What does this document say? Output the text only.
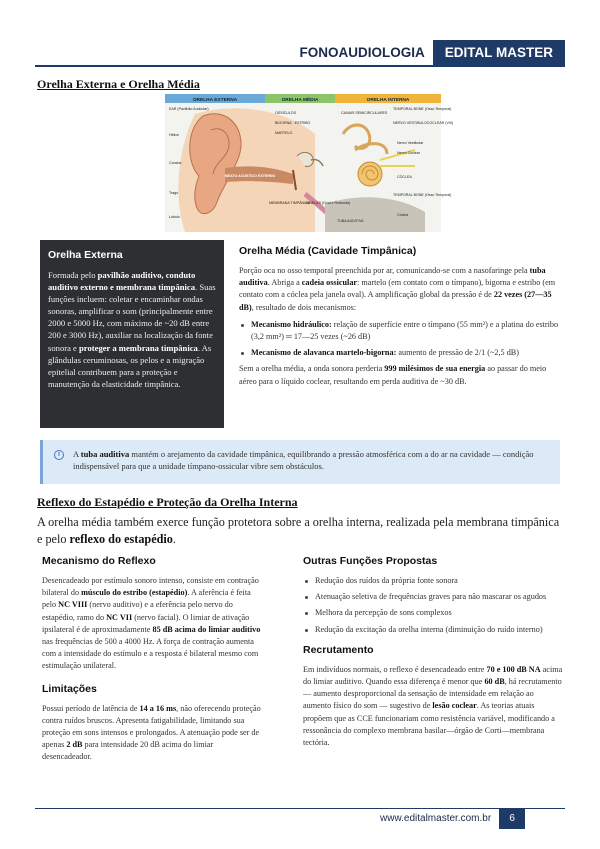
FONOAUDIOLOGIA	EDITAL MASTER
Orelha Externa e Orelha Média
ORELHA EXTERNA	ORELHA MÉDIA	ORELHA INTERNA
MEATO ACÚSTICO EXTERNO
EAR (Pavilhão Auricular)
Hélice
Concha
Trago
Lóbulo
OSSÍCULOS
BIGORNA · ESTRIBO
MARTELO
MEMBRANA TIMPÂNICA
JANELAS (Oval e Redonda)
TUBA AUDITIVA
CANAIS SEMICIRCULARES
TEMPORAL BONE (Osso Temporal)
NERVO VESTIBULOCOCLEAR (VIII)
Nervo Vestibular
Nervo Coclear
CÓCLEA
TEMPORAL BONE (Osso Temporal)
Cóclea
Orelha Externa

Formada pelo pavilhão auditivo, conduto auditivo externo e membrana timpânica. Suas funções incluem: coletar e encaminhar ondas sonoras, amplificar o som (principalmente entre 2000 e 5000 Hz, com máximo de ~20 dB entre 200 e 3000 Hz), auxiliar na localização da fonte sonora e proteger a membrana timpânica. As glândulas ceruminosas, os pelos e a migração epitelial contribuem para a proteção e manutenção da elasticidade timpânica.

Orelha Média (Cavidade Timpânica)

Porção oca no osso temporal preenchida por ar, comunicando-se com a nasofaringe pela tuba auditiva. Abriga a cadeia ossicular: martelo (em contato com o tímpano), bigorna e estribo (em contato com a cóclea pela janela oval). A amplificação global da pressão é de 22 vezes (27—35 dB), resultado de dois mecanismos:

Mecanismo hidráulico: relação de superfície entre o tímpano (55 mm²) e a platina do estribo (3,2 mm²) ═ 17—25 vezes (~26 dB)
Mecanismo de alavanca martelo-bigorna: aumento de pressão de 2/1 (~2,5 dB)

Sem a orelha média, a onda sonora perderia 999 milésimos de sua energia ao passar do meio aéreo para o líquido coclear, resultando em perda auditiva de ~30 dB.

i	A tuba auditiva mantém o arejamento da cavidade timpânica, equilibrando a pressão atmosférica com a do ar na cavidade — condição indispensável para que a unidade tímpano-ossicular vibre sem obstáculos.
Reflexo do Estapédio e Proteção da Orelha Interna

A orelha média também exerce função protetora sobre a orelha interna, realizada pela membrana timpânica e pelo reflexo do estapédio.

Mecanismo do Reflexo

Desencadeado por estímulo sonoro intenso, consiste em contração bilateral do músculo do estribo (estapédio). A aferência é feita pelo NC VIII (nervo auditivo) e a eferência pelo nervo do estapédio, ramo do NC VII (nervo facial). O limiar de ativação ipsilateral é de aproximadamente 85 dB acima do limiar auditivo nas frequências de 500 a 4000 Hz. A força de contração aumenta com a intensidade do estímulo e a resposta é bilateral mesmo com estimulação unilateral.

Limitações

Possui período de latência de 14 a 16 ms, não oferecendo proteção contra ruídos bruscos. Apresenta fatigabilidade, limitando sua proteção em sons intensos e prolongados. A atenuação pode ser de apenas 2 dB para intensidade 20 dB acima do limiar desencadeador.

Outras Funções Propostas
Redução dos ruídos da própria fonte sonora
Atenuação seletiva de frequências graves para não mascarar os agudos
Melhora da percepção de sons complexos
Redução da excitação da orelha interna (diminuição do ruído interno)
Recrutamento

Em indivíduos normais, o reflexo é desencadeado entre 70 e 100 dB NA acima do limiar auditivo. Quando essa diferença é menor que 60 dB, há recrutamento — aumento desproporcional da sensação de intensidade em relação ao aumento físico do som — sugestivo de lesão coclear. As teorias atuais propõem que as CCE funcionariam como resistência variável, modificando a ressonância do complexo membrana basilar—órgão de Corti—membrana tectória.

www.editalmaster.com.br	6
